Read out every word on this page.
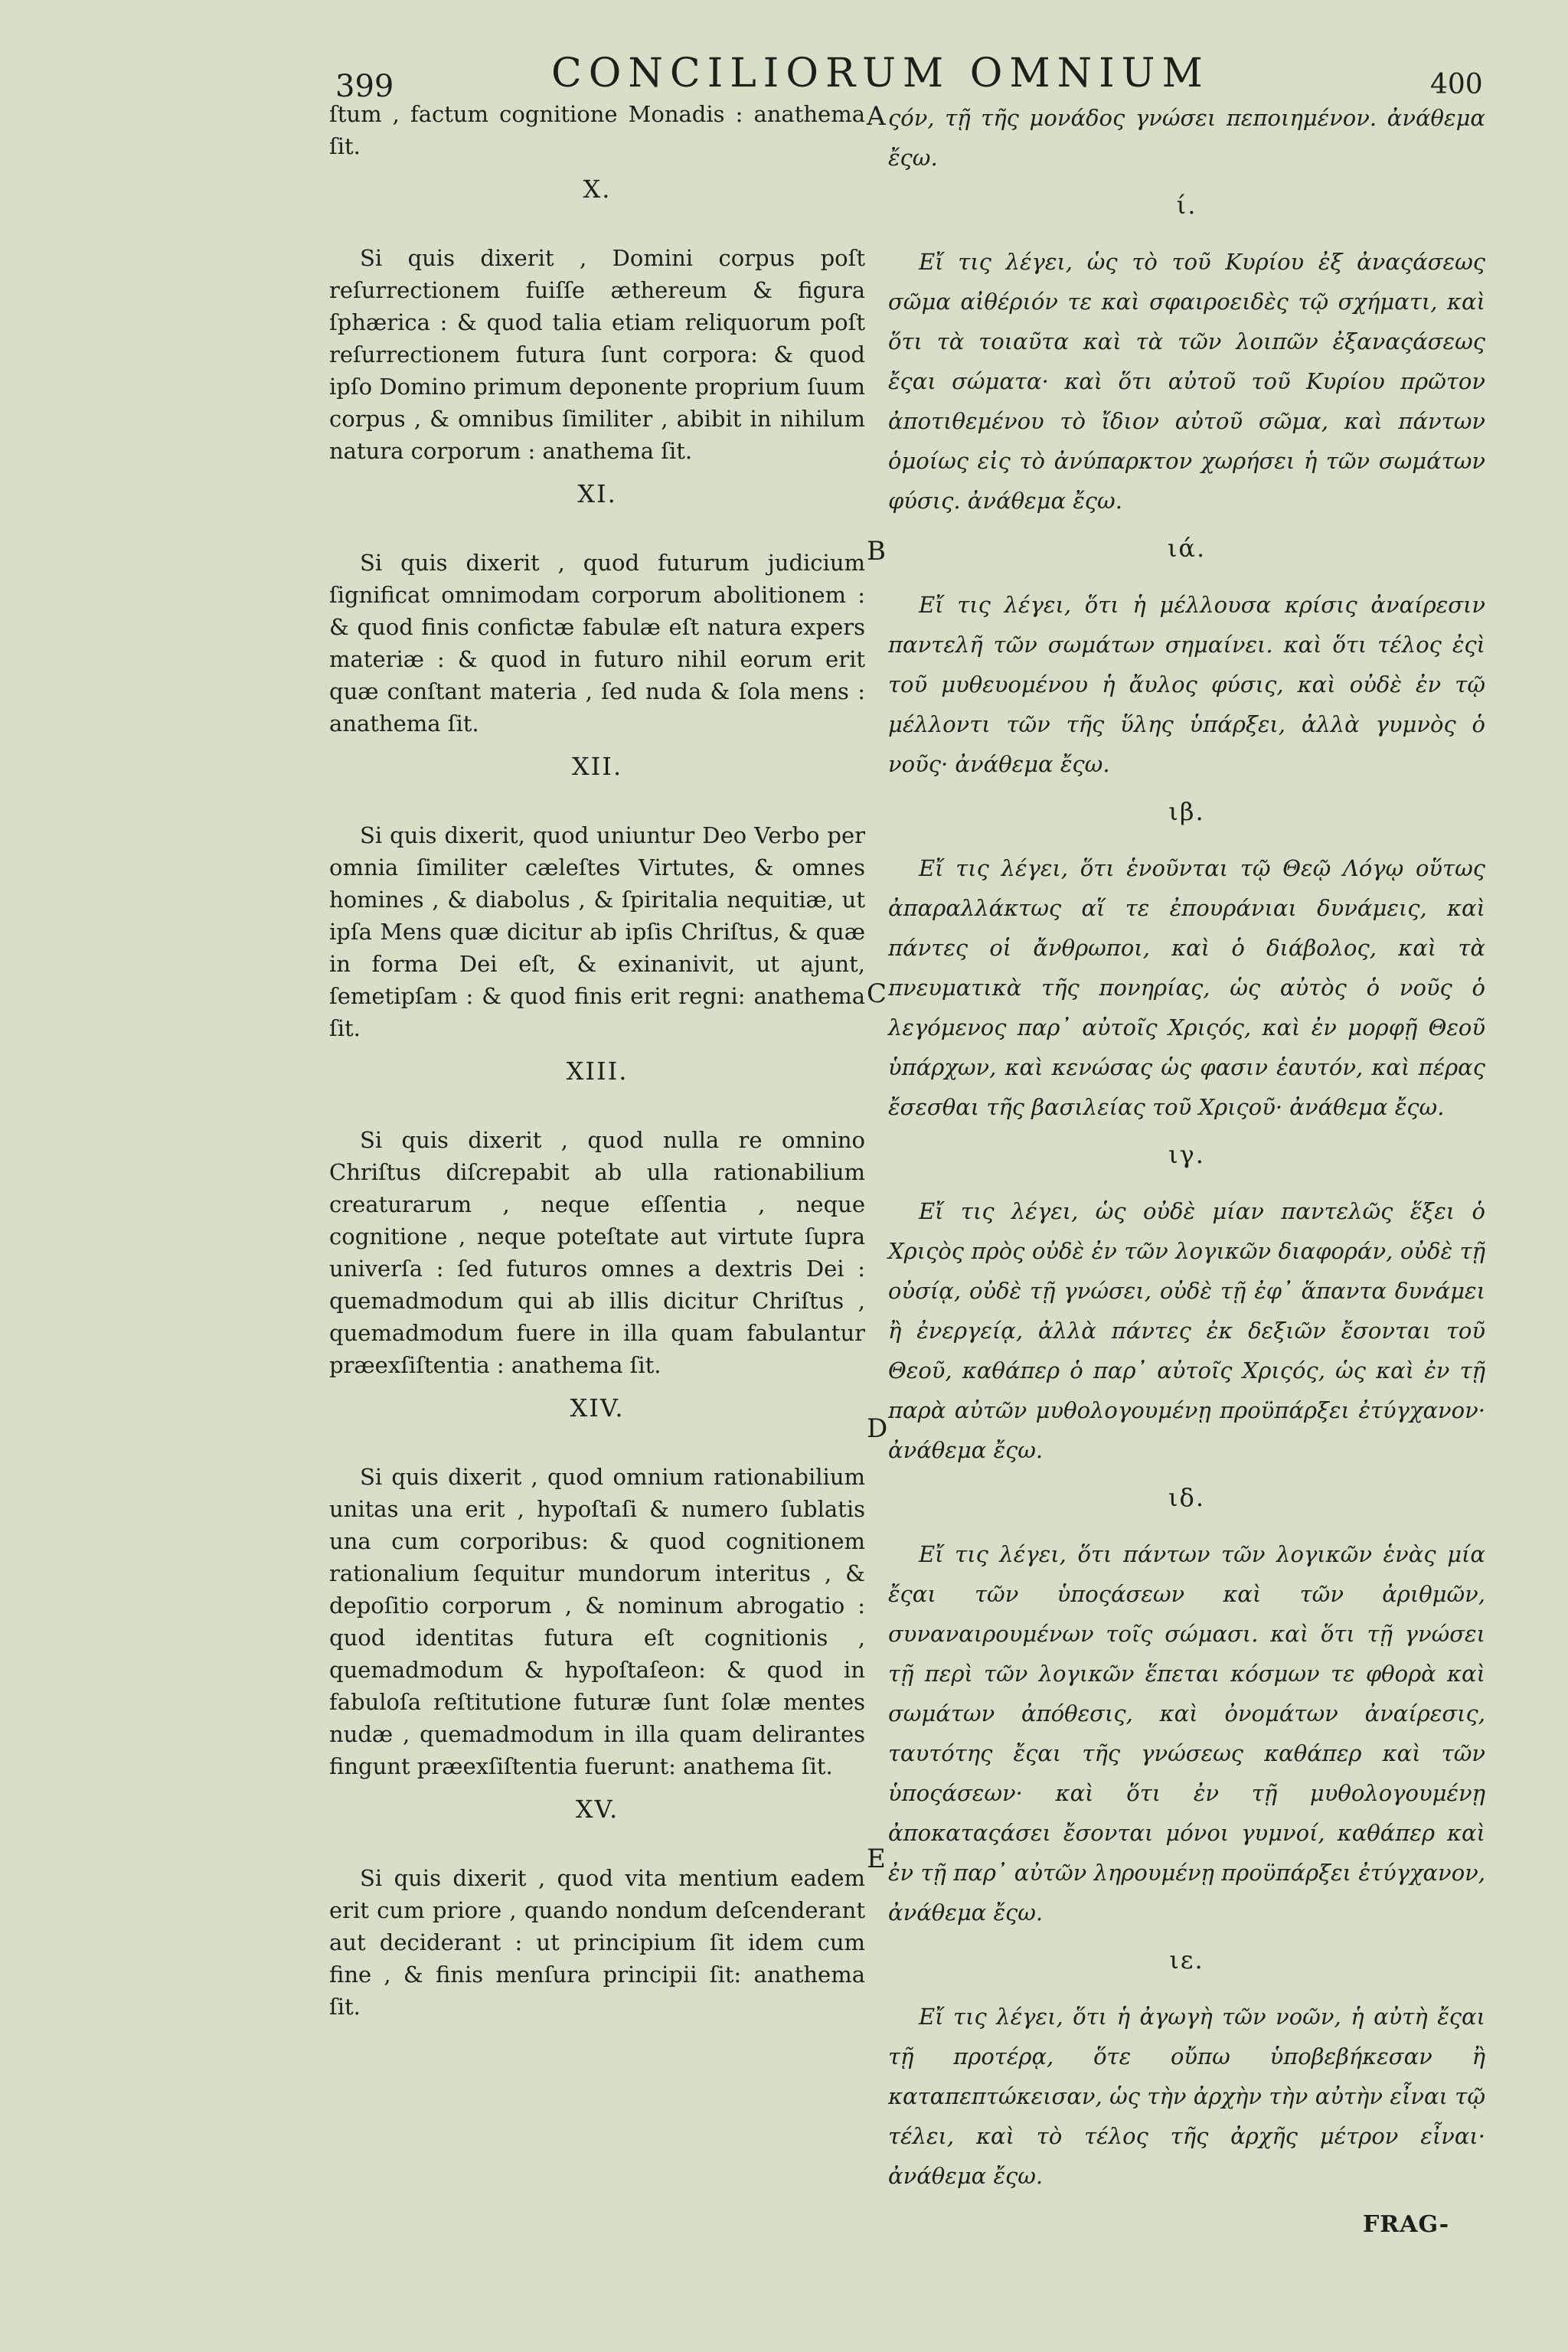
399	CONCILIORUM OMNIUM	400

ſtum , factum cognitione Monadis : anathema ſit.

X.

Si quis dixerit , Domini corpus poſt reſurrectionem fuiſſe æthereum & figura ſphærica : & quod talia etiam reliquorum poſt reſurrectionem futura ſunt corpora: & quod ipſo Domino primum deponente proprium ſuum corpus , & omnibus ſimiliter , abibit in nihilum natura corporum : anathema ſit.

XI.

Si quis dixerit , quod futurum judicium ſignificat omnimodam corporum abolitionem : & quod finis confictæ fabulæ eſt natura expers materiæ : & quod in futuro nihil eorum erit quæ conſtant materia , ſed nuda & ſola mens : anathema ſit.

XII.

Si quis dixerit, quod uniuntur Deo Verbo per omnia ſimiliter cæleſtes Virtutes, & omnes homines , & diabolus , & ſpiritalia nequitiæ, ut ipſa Mens quæ dicitur ab ipſis Chriſtus, & quæ in forma Dei eſt, & exinanivit, ut ajunt, ſemetipſam : & quod finis erit regni: anathema ſit.

XIII.

Si quis dixerit , quod nulla re omnino Chriſtus diſcrepabit ab ulla rationabilium creaturarum , neque eſſentia , neque cognitione , neque poteſtate aut virtute ſupra univerſa : ſed futuros omnes a dextris Dei : quemadmodum qui ab illis dicitur Chriſtus , quemadmodum fuere in illa quam fabulantur præexſiſtentia : anathema ſit.

XIV.

Si quis dixerit , quod omnium rationabilium unitas una erit , hypoſtaſi & numero ſublatis una cum corporibus: & quod cognitionem rationalium ſequitur mundorum interitus , & depoſitio corporum , & nominum abrogatio : quod identitas futura eſt cognitionis , quemadmodum & hypoſtaſeon: & quod in fabuloſa reſtitutione futuræ ſunt ſolæ mentes nudæ , quemadmodum in illa quam delirantes fingunt præexſiſtentia fuerunt: anathema ſit.

XV.

Si quis dixerit , quod vita mentium eadem erit cum priore , quando nondum deſcenderant aut deciderant : ut principium ſit idem cum fine , & finis menſura principii ſit: anathema ſit.

A
B
C
D
E

ςόν, τῇ τῆς μονάδος γνώσει πεποιημένον. ἀνάθεμα ἔςω.

ί.

Εἴ τις λέγει, ὡς τὸ τοῦ Κυρίου ἐξ ἀναςάσεως σῶμα αἰθέριόν τε καὶ σφαιροειδὲς τῷ σχήματι, καὶ ὅτι τὰ τοιαῦτα καὶ τὰ τῶν λοιπῶν ἐξαναςάσεως ἔςαι σώματα· καὶ ὅτι αὐτοῦ τοῦ Κυρίου πρῶτον ἀποτιθεμένου τὸ ἴδιον αὐτοῦ σῶμα, καὶ πάντων ὁμοίως εἰς τὸ ἀνύπαρκτον χωρήσει ἡ τῶν σωμάτων φύσις. ἀνάθεμα ἔςω.

ιά.

Εἴ τις λέγει, ὅτι ἡ μέλλουσα κρίσις ἀναίρεσιν παντελῆ τῶν σωμάτων σημαίνει. καὶ ὅτι τέλος ἐςὶ τοῦ μυθευομένου ἡ ἄυλος φύσις, καὶ οὐδὲ ἐν τῷ μέλλοντι τῶν τῆς ὕλης ὑπάρξει, ἀλλὰ γυμνὸς ὁ νοῦς· ἀνάθεμα ἔςω.

ιβ.

Εἴ τις λέγει, ὅτι ἑνοῦνται τῷ Θεῷ Λόγῳ οὕτως ἀπαραλλάκτως αἵ τε ἐπουράνιαι δυνάμεις, καὶ πάντες οἱ ἄνθρωποι, καὶ ὁ διάβολος, καὶ τὰ πνευματικὰ τῆς πονηρίας, ὡς αὐτὸς ὁ νοῦς ὁ λεγόμενος παρ᾽ αὐτοῖς Χριςός, καὶ ἐν μορφῇ Θεοῦ ὑπάρχων, καὶ κενώσας ὡς φασιν ἑαυτόν, καὶ πέρας ἔσεσθαι τῆς βασιλείας τοῦ Χριςοῦ· ἀνάθεμα ἔςω.

ιγ.

Εἴ τις λέγει, ὡς οὐδὲ μίαν παντελῶς ἕξει ὁ Χριςὸς πρὸς οὐδὲ ἐν τῶν λογικῶν διαφοράν, οὐδὲ τῇ οὐσίᾳ, οὐδὲ τῇ γνώσει, οὐδὲ τῇ ἐφ᾽ ἅπαντα δυνάμει ἢ ἐνεργείᾳ, ἀλλὰ πάντες ἐκ δεξιῶν ἔσονται τοῦ Θεοῦ, καθάπερ ὁ παρ᾽ αὐτοῖς Χριςός, ὡς καὶ ἐν τῇ παρὰ αὐτῶν μυθολογουμένῃ προϋπάρξει ἐτύγχανον· ἀνάθεμα ἔςω.

ιδ.

Εἴ τις λέγει, ὅτι πάντων τῶν λογικῶν ἑνὰς μία ἔςαι τῶν ὑποςάσεων καὶ τῶν ἀριθμῶν, συναναιρουμένων τοῖς σώμασι. καὶ ὅτι τῇ γνώσει τῇ περὶ τῶν λογικῶν ἕπεται κόσμων τε φθορὰ καὶ σωμάτων ἀπόθεσις, καὶ ὀνομάτων ἀναίρεσις, ταυτότης ἔςαι τῆς γνώσεως καθάπερ καὶ τῶν ὑποςάσεων· καὶ ὅτι ἐν τῇ μυθολογουμένῃ ἀποκαταςάσει ἔσονται μόνοι γυμνοί, καθάπερ καὶ ἐν τῇ παρ᾽ αὐτῶν ληρουμένῃ προϋπάρξει ἐτύγχανον, ἀνάθεμα ἔςω.

ιε.

Εἴ τις λέγει, ὅτι ἡ ἀγωγὴ τῶν νοῶν, ἡ αὐτὴ ἔςαι τῇ προτέρᾳ, ὅτε οὔπω ὑποβεβήκεσαν ἢ καταπεπτώκεισαν, ὡς τὴν ἀρχὴν τὴν αὐτὴν εἶναι τῷ τέλει, καὶ τὸ τέλος τῆς ἀρχῆς μέτρον εἶναι· ἀνάθεμα ἔςω.

FRAG-
